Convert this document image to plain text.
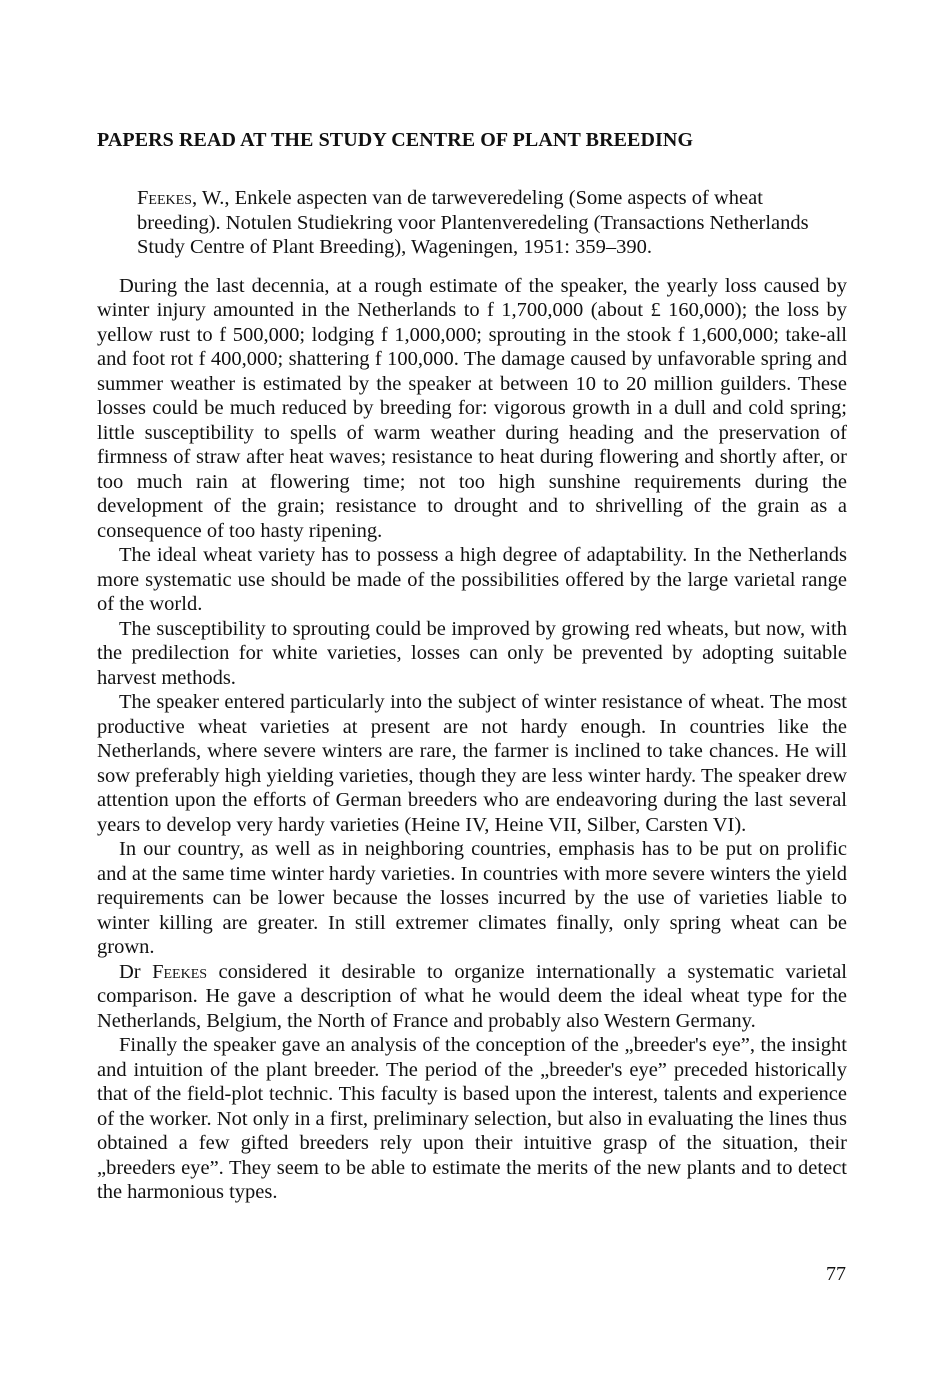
PAPERS READ AT THE STUDY CENTRE OF PLANT BREEDING
Feekes, W., Enkele aspecten van de tarweveredeling (Some aspects of wheat breeding). Notulen Studiekring voor Plantenveredeling (Transactions Netherlands Study Centre of Plant Breeding), Wageningen, 1951: 359–390.

During the last decennia, at a rough estimate of the speaker, the yearly loss caused by winter injury amounted in the Netherlands to f 1,700,000 (about £ 160,000); the loss by yellow rust to f 500,000; lodging f 1,000,000; sprouting in the stook f 1,600,000; take-all and foot rot f 400,000; shattering f 100,000. The damage caused by unfavorable spring and summer weather is estimated by the speaker at between 10 to 20 million guilders. These losses could be much reduced by breeding for: vigorous growth in a dull and cold spring; little susceptibility to spells of warm weather during heading and the preservation of firmness of straw after heat waves; resistance to heat during flowering and shortly after, or too much rain at flowering time; not too high sunshine requirements during the development of the grain; resistance to drought and to shrivelling of the grain as a consequence of too hasty ripening.

The ideal wheat variety has to possess a high degree of adaptability. In the Netherlands more systematic use should be made of the possibilities offered by the large varietal range of the world.

The susceptibility to sprouting could be improved by growing red wheats, but now, with the predilection for white varieties, losses can only be prevented by adopting suitable harvest methods.

The speaker entered particularly into the subject of winter resistance of wheat. The most productive wheat varieties at present are not hardy enough. In countries like the Netherlands, where severe winters are rare, the farmer is inclined to take chances. He will sow preferably high yielding varieties, though they are less winter hardy. The speaker drew attention upon the efforts of German breeders who are endeavoring during the last several years to develop very hardy varieties (Heine IV, Heine VII, Silber, Carsten VI).

In our country, as well as in neighboring countries, emphasis has to be put on prolific and at the same time winter hardy varieties. In countries with more severe winters the yield requirements can be lower because the losses incurred by the use of varieties liable to winter killing are greater. In still extremer climates finally, only spring wheat can be grown.

Dr Feekes considered it desirable to organize internationally a systematic varietal comparison. He gave a description of what he would deem the ideal wheat type for the Netherlands, Belgium, the North of France and probably also Western Germany.

Finally the speaker gave an analysis of the conception of the „breeder's eye”, the insight and intuition of the plant breeder. The period of the „breeder's eye” preceded historically that of the field-plot technic. This faculty is based upon the interest, talents and experience of the worker. Not only in a first, preliminary selection, but also in evaluating the lines thus obtained a few gifted breeders rely upon their intuitive grasp of the situation, their „breeders eye”. They seem to be able to estimate the merits of the new plants and to detect the harmonious types.

77
